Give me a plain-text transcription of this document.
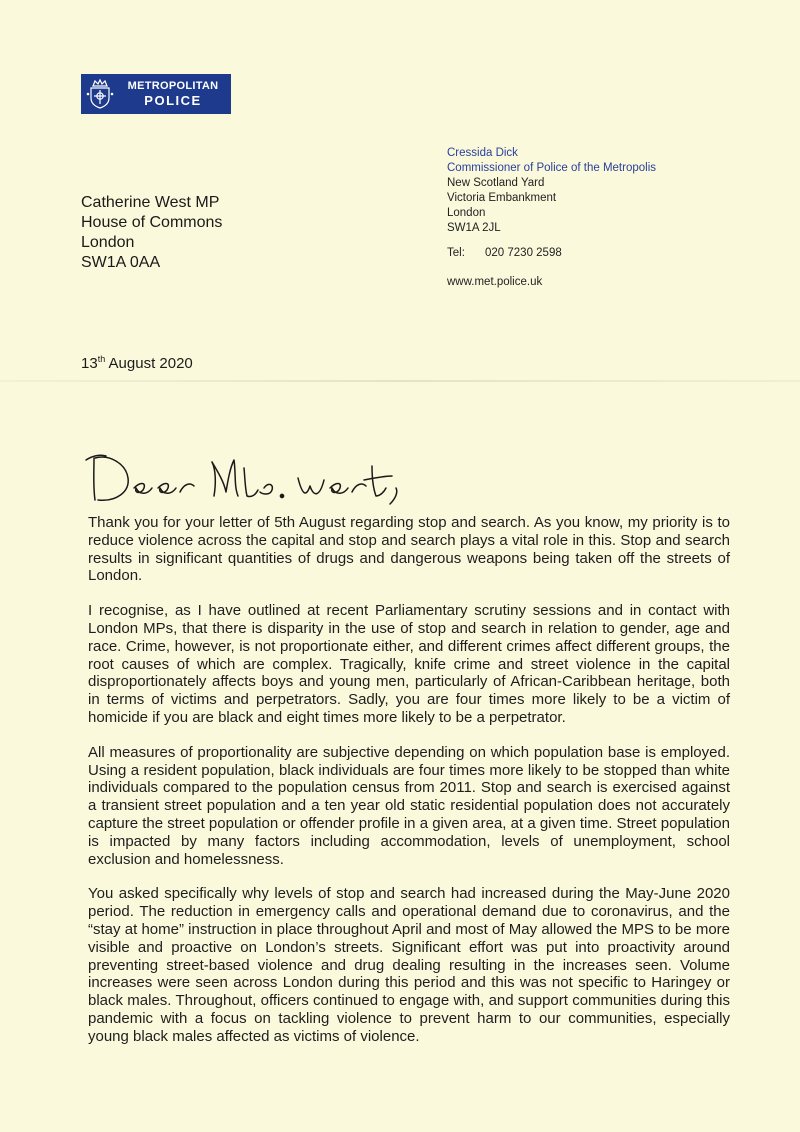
METROPOLITAN
POLICE
Cressida Dick
Commissioner of Police of the Metropolis
New Scotland Yard
Victoria Embankment
London
SW1A 2JL
Tel:	020 7230 2598
www.met.police.uk
Catherine West MP
House of Commons
London
SW1A 0AA
13th August 2020

Thank you for your letter of 5th August regarding stop and search. As you know, my priority is to reduce violence across the capital and stop and search plays a vital role in this. Stop and search results in significant quantities of drugs and dangerous weapons being taken off the streets of London.

I recognise, as I have outlined at recent Parliamentary scrutiny sessions and in contact with London MPs, that there is disparity in the use of stop and search in relation to gender, age and race. Crime, however, is not proportionate either, and different crimes affect different groups, the root causes of which are complex. Tragically, knife crime and street violence in the capital disproportionately affects boys and young men, particularly of African-Caribbean heritage, both in terms of victims and perpetrators. Sadly, you are four times more likely to be a victim of homicide if you are black and eight times more likely to be a perpetrator.

All measures of proportionality are subjective depending on which population base is employed. Using a resident population, black individuals are four times more likely to be stopped than white individuals compared to the population census from 2011. Stop and search is exercised against a transient street population and a ten year old static residential population does not accurately capture the street population or offender profile in a given area, at a given time. Street population is impacted by many factors including accommodation, levels of unemployment, school exclusion and homelessness.

You asked specifically why levels of stop and search had increased during the May-June 2020 period. The reduction in emergency calls and operational demand due to coronavirus, and the “stay at home” instruction in place throughout April and most of May allowed the MPS to be more visible and proactive on London’s streets. Significant effort was put into proactivity around preventing street-based violence and drug dealing resulting in the increases seen. Volume increases were seen across London during this period and this was not specific to Haringey or black males. Throughout, officers continued to engage with, and support communities during this pandemic with a focus on tackling violence to prevent harm to our communities, especially young black males affected as victims of violence.
